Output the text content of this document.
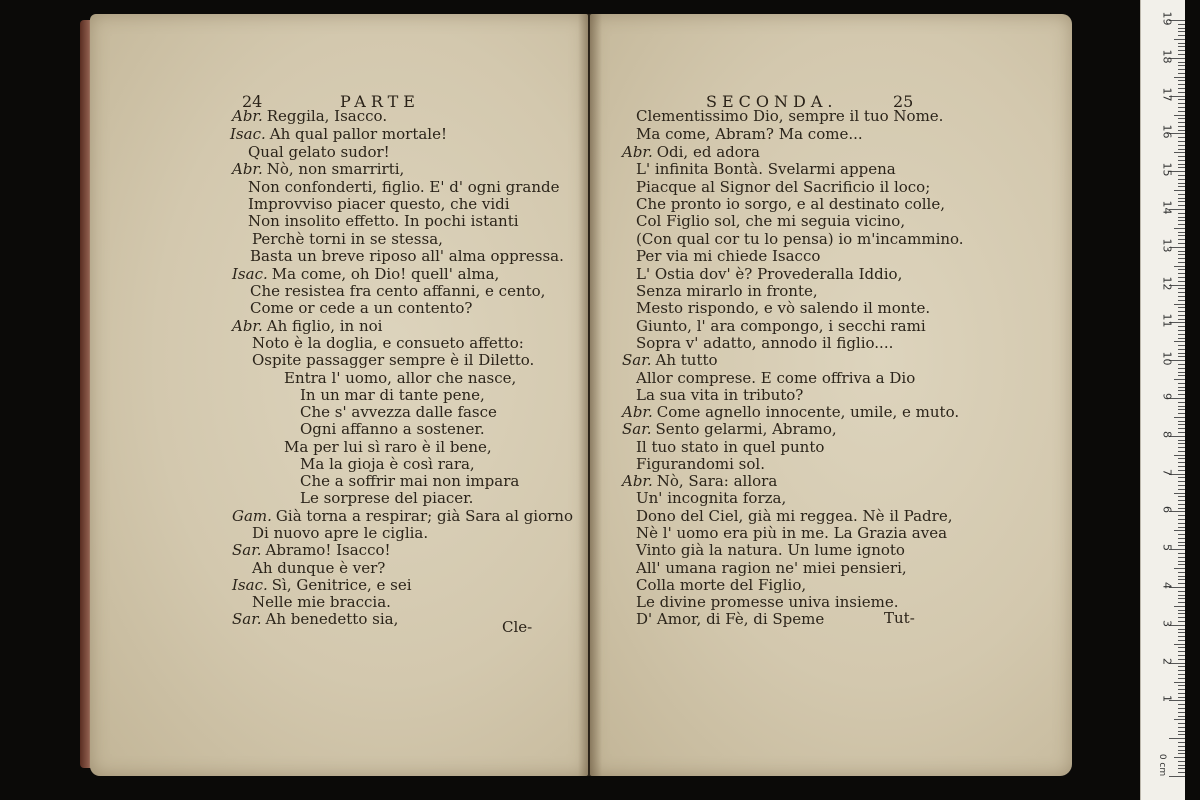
24	PARTE	SECONDA.	25
Abr. Reggila, Isacco.
Isac. Ah qual pallor mortale!
Qual gelato sudor!
Abr. Nò, non smarrirti,
Non confonderti, figlio. E' d' ogni grande
Improvviso piacer questo, che vidi
Non insolito effetto. In pochi istanti
Perchè torni in se stessa,
Basta un breve riposo all' alma oppressa.
Isac. Ma come, oh Dio! quell' alma,
Che resistea fra cento affanni, e cento,
Come or cede a un contento?
Abr. Ah figlio, in noi
Noto è la doglia, e consueto affetto:
Ospite passagger sempre è il Diletto.
Entra l' uomo, allor che nasce,
In un mar di tante pene,
Che s' avvezza dalle fasce
Ogni affanno a sostener.
Ma per lui sì raro è il bene,
Ma la gioja è così rara,
Che a soffrir mai non impara
Le sorprese del piacer.
Gam. Già torna a respirar; già Sara al giorno
Di nuovo apre le ciglia.
Sar. Abramo! Isacco!
Ah dunque è ver?
Isac. Sì, Genitrice, e sei
Nelle mie braccia.
Sar. Ah benedetto sia,
Clementissimo Dio, sempre il tuo Nome.
Ma come, Abram? Ma come...
Abr. Odi, ed adora
L' infinita Bontà. Svelarmi appena
Piacque al Signor del Sacrificio il loco;
Che pronto io sorgo, e al destinato colle,
Col Figlio sol, che mi seguia vicino,
(Con qual cor tu lo pensa) io m'incammino.
Per via mi chiede Isacco
L' Ostia dov' è? Provederalla Iddio,
Senza mirarlo in fronte,
Mesto rispondo, e vò salendo il monte.
Giunto, l' ara compongo, i secchi rami
Sopra v' adatto, annodo il figlio....
Sar. Ah tutto
Allor comprese. E come offriva a Dio
La sua vita in tributo?
Abr. Come agnello innocente, umile, e muto.
Sar. Sento gelarmi, Abramo,
Il tuo stato in quel punto
Figurandomi sol.
Abr. Nò, Sara: allora
Un' incognita forza,
Dono del Ciel, già mi reggea. Nè il Padre,
Nè l' uomo era più in me. La Grazia avea
Vinto già la natura. Un lume ignoto
All' umana ragion ne' miei pensieri,
Colla morte del Figlio,
Le divine promesse univa insieme.
D' Amor, di Fè, di Speme
Cle-	Tut-
0 cm
19
18
17
16
15
14
13
12
11
10
9
8
7
6
5
4
3
2
1
